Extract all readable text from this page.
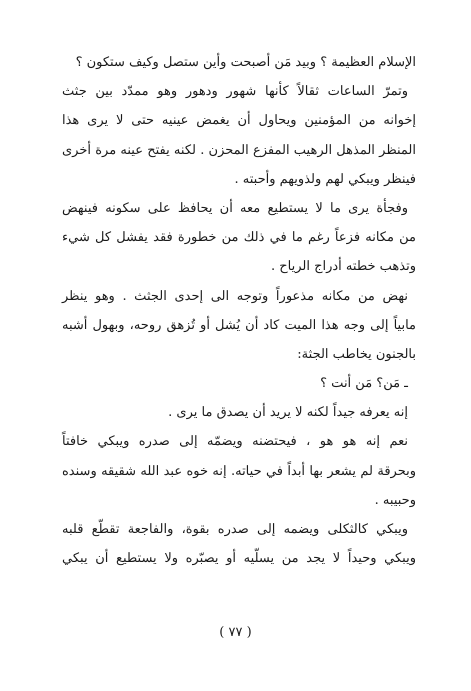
الإسلام العظيمة ؟ وبيد مَن أصبحت وأين ستصل وكيف ستكون ؟
وتمرّ الساعات ثقالاً كأنها شهور ودهور وهو ممدّد بين جثث
إخوانه من المؤمنين ويحاول أن يغمض عينيه حتى لا يرى هذا
المنظر المذهل الرهيب المفزع المحزن . لكنه يفتح عينه مرة أخرى
فينظر ويبكي لهم ولذويهم وأحبته .
وفجأة يرى ما لا يستطيع معه أن يحافظ على سكونه فينهض
من مكانه فزعاً رغم ما في ذلك من خطورة فقد يفشل كل شيء
وتذهب خطته أدراج الرياح .
نهض من مكانه مذعوراً وتوجه الى إحدى الجثث . وهو ينظر
مابياً إلى وجه هذا الميت كاد أن يُشل أو تُزهق روحه، وبهول أشبه
بالجنون يخاطب الجثة:
ـ مَن؟ مَن أنت ؟
إنه يعرفه جيداً لكنه لا يريد أن يصدق ما يرى .
نعم إنه هو هو ، فيحتضنه ويضمّه إلى صدره ويبكي خافتاً
وبحرقة لم يشعر بها أبداً في حياته. إنه خوه عبد الله شقيقه وسنده
وحبيبه .
ويبكي كالثكلى ويضمه إلى صدره بقوة، والفاجعة تقطّع قلبه
ويبكي وحيداً لا يجد من يسلّيه أو يصبّره ولا يستطيع أن يبكي
( ٧٧ )
